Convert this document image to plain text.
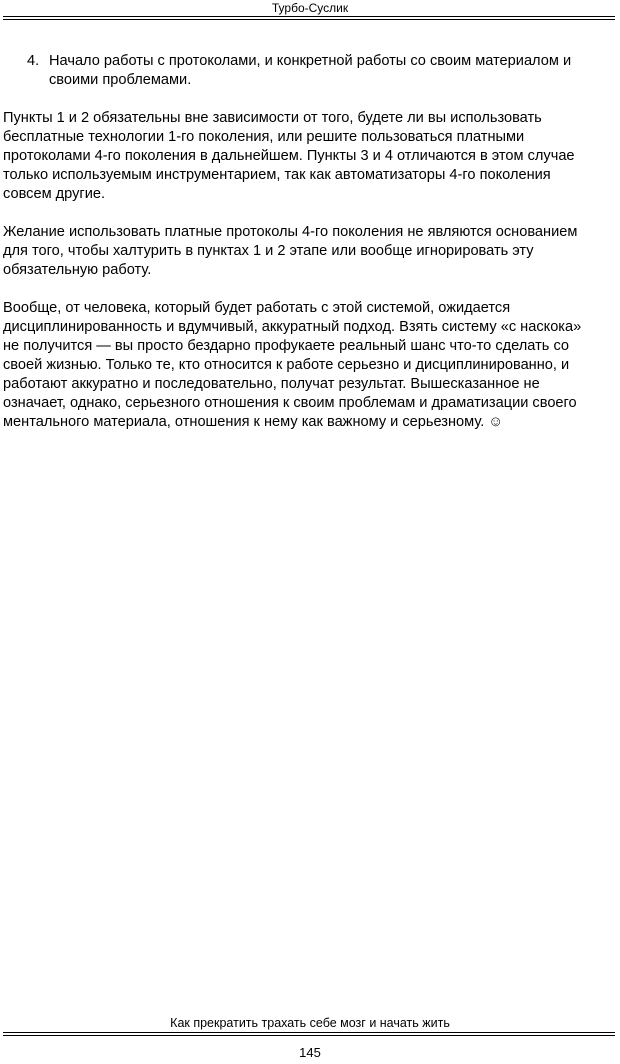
Турбо-Суслик
4. Начало работы с протоколами, и конкретной работы со своим материалом и своими проблемами.

Пункты 1 и 2 обязательны вне зависимости от того, будете ли вы использовать бесплатные технологии 1-го поколения, или решите пользоваться платными протоколами 4-го поколения в дальнейшем. Пункты 3 и 4 отличаются в этом случае только используемым инструментарием, так как автоматизаторы 4-го поколения совсем другие.

Желание использовать платные протоколы 4-го поколения не являются основанием для того, чтобы халтурить в пунктах 1 и 2 этапе или вообще игнорировать эту обязательную работу.

Вообще, от человека, который будет работать с этой системой, ожидается дисциплинированность и вдумчивый, аккуратный подход. Взять систему «с наскока» не получится — вы просто бездарно профукаете реальный шанс что-то сделать со своей жизнью. Только те, кто относится к работе серьезно и дисциплинированно, и работают аккуратно и последовательно, получат результат. Вышесказанное не означает, однако, серьезного отношения к своим проблемам и драматизации своего ментального материала, отношения к нему как важному и серьезному. ☺

Как прекратить трахать себе мозг и начать жить
145
